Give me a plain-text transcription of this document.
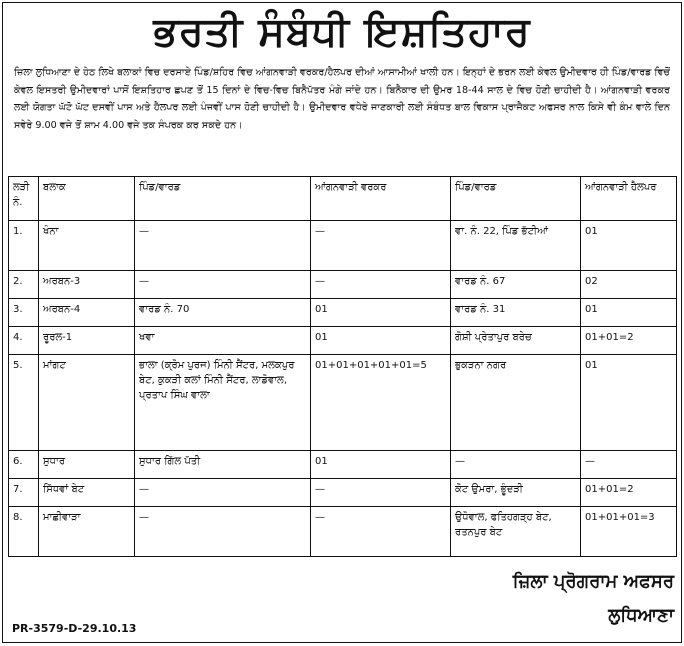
ਭਰਤੀ ਸੰਬੰਧੀ ਇਸ਼ਤਿਹਾਰ
ਜ਼ਿਲਾ ਲੁਧਿਆਣਾ ਦੇ ਹੇਠ ਲਿਖੇ ਬਲਾਕਾਂ ਵਿਚ ਦਰਸਾਏ ਪਿੰਡ/ਸ਼ਹਿਰ ਵਿਚ ਆਂਗਨਵਾੜੀ ਵਰਕਰ/ਹੈਲਪਰ ਦੀਆਂ ਆਸਾਮੀਆਂ ਖਾਲੀ ਹਨ। ਇਨ੍ਹਾਂ ਦੇ ਭਰਨ ਲਈ ਕੇਵਲ ਉਮੀਦਵਾਰ ਹੀ ਪਿੰਡ/ਵਾਰਡ ਵਿਚੋਂ ਕੇਵਲ ਇਸਤਰੀ ਉਮੀਦਵਾਰਾਂ ਪਾਸੋਂ ਇਸ਼ਤਿਹਾਰ ਛਪਣ ਤੋਂ 15 ਦਿਨਾਂ ਦੇ ਵਿਚ-ਵਿਚ ਬਿਨੈਪੱਤਰ ਮੰਗੇ ਜਾਂਦੇ ਹਨ। ਬਿਨੈਕਾਰ ਦੀ ਉਮਰ 18-44 ਸਾਲ ਦੇ ਵਿਚ ਹੋਣੀ ਚਾਹੀਦੀ ਹੈ। ਆਂਗਨਵਾੜੀ ਵਰਕਰ ਲਈ ਯੋਗਤਾ ਘੱਟੋ ਘੱਟ ਦਸਵੀਂ ਪਾਸ ਅਤੇ ਹੈਲਪਰ ਲਈ ਪੰਜਵੀਂ ਪਾਸ ਹੋਣੀ ਚਾਹੀਦੀ ਹੈ। ਉਮੀਦਵਾਰ ਵਧੇਰੇ ਜਾਣਕਾਰੀ ਲਈ ਸੰਬੰਧਤ ਬਾਲ ਵਿਕਾਸ ਪ੍ਰਾਜੈਕਟ ਅਫਸਰ ਨਾਲ ਕਿਸੇ ਵੀ ਕੰਮ ਵਾਲੇ ਦਿਨ ਸਵੇਰੇ 9.00 ਵਜੇ ਤੋਂ ਸ਼ਾਮ 4.00 ਵਜੇ ਤਕ ਸੰਪਰਕ ਕਰ ਸਕਦੇ ਹਨ।
ਲੜੀ ਨੰ.	ਬਲਾਕ	ਪਿੰਡ/ਵਾਰਡ	ਆਂਗਨਵਾੜੀ ਵਰਕਰ	ਪਿੰਡ/ਵਾਰਡ	ਆਂਗਨਵਾੜੀ ਹੈਲਪਰ
1.	ਖੰਨਾ	—	—	ਵਾ. ਨੰ. 22, ਪਿੰਡ ਭੱਟੀਆਂ	01
2.	ਅਰਬਨ-3	—	—	ਵਾਰਡ ਨੰ. 67	02
3.	ਅਰਬਨ-4	ਵਾਰਡ ਨੰ. 70	01	ਵਾਰਡ ਨੰ. 31	01
4.	ਰੂਰਲ-1	ਖਵਾ	01	ਗੋਸ਼ੀ ਪ੍ਰੇਤਾਪੁਰ ਬਰੇਚ	01+01=2
5.	ਮਾਂਗਟ	ਭਾਲਾ (ਕ੍ਰੋਮ ਪੁਰਜ) ਮਿੰਨੀ ਸੈਂਟਰ, ਮਲਕਪੁਰ ਬੇਟ, ਕੁਕੜੀ ਕਲਾਂ ਮਿੰਨੀ ਸੈਂਟਰ, ਲਾਡੋਵਾਲ, ਪ੍ਰਤਾਪ ਸਿੰਘ ਵਾਲਾ	01+01+01+01+01=5	ਭੁਕੜਨਾ ਨਗਰ	01
6.	ਸੁਧਾਰ	ਸੁਧਾਰ ਗਿੱਲ ਪੱਤੀ	01	—	—
7.	ਸਿੱਧਵਾਂ ਬੇਟ	—	—	ਕੋਟ ਉਮਰਾ, ਭੂੰਦੜੀ	01+01=2
8.	ਮਾਛੀਵਾੜਾ	—	—	ਉਧੋਵਾਲ, ਫਤਿਹਗੜ੍ਹ ਬੇਟ, ਰਤਨਪੁਰ ਬੇਟ	01+01+01=3
ਜ਼ਿਲਾ ਪ੍ਰੋਗਰਾਮ ਅਫਸਰ
ਲੁਧਿਆਣਾ
PR-3579-D-29.10.13
